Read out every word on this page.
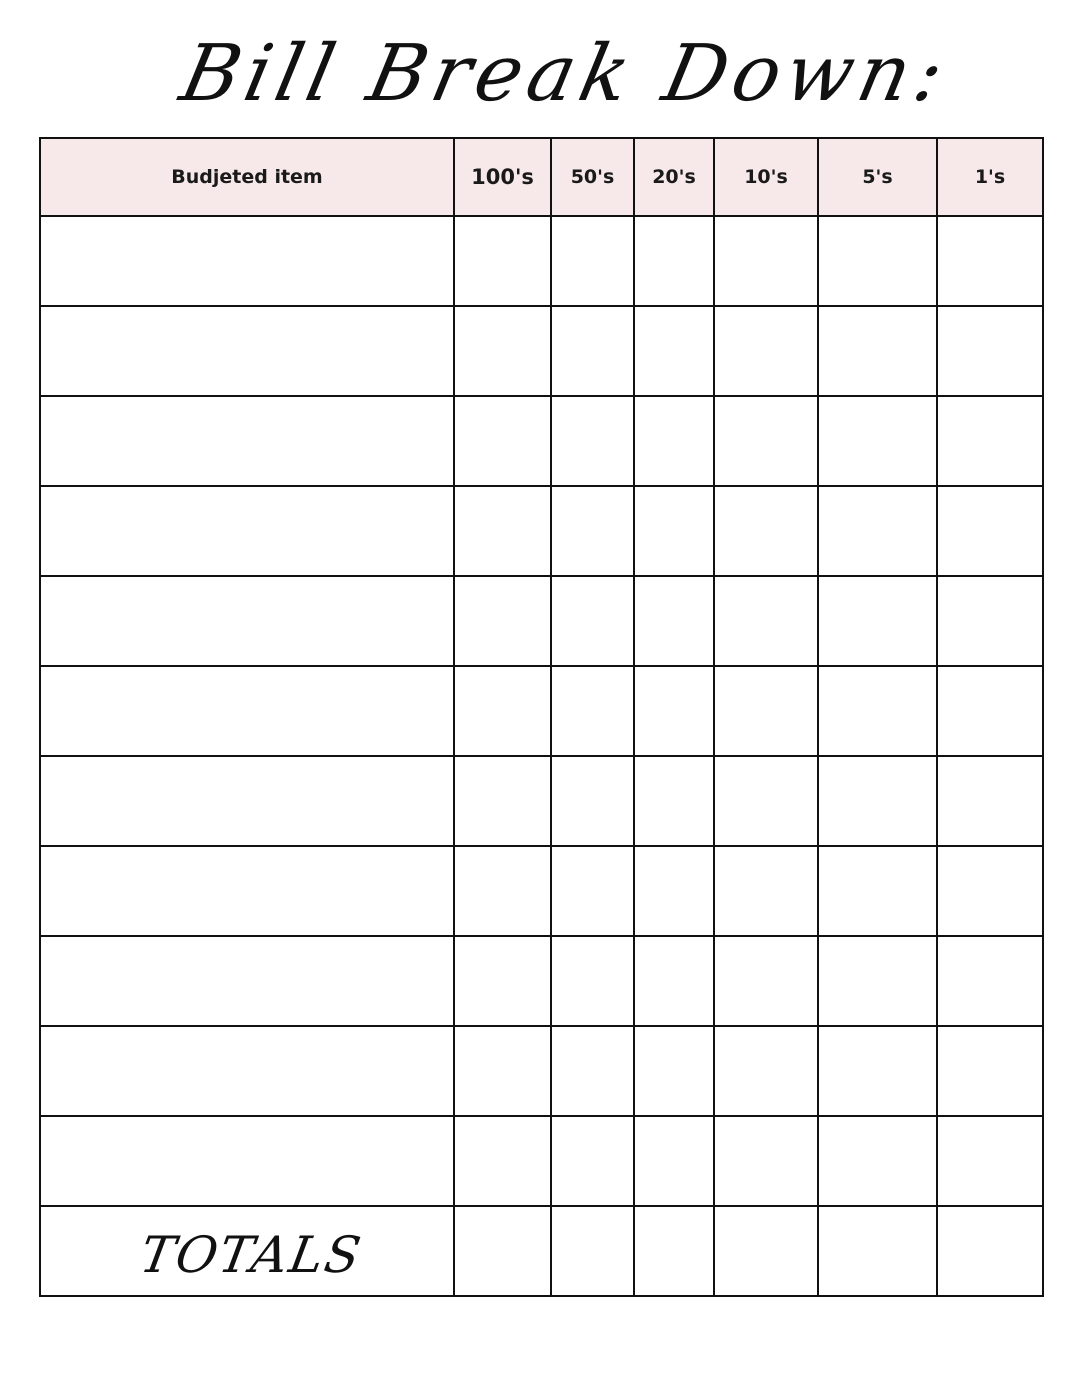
Bill Break Down:
Budjeted item	100's	50's	20's	10's	5's	1's

TOTALS						
